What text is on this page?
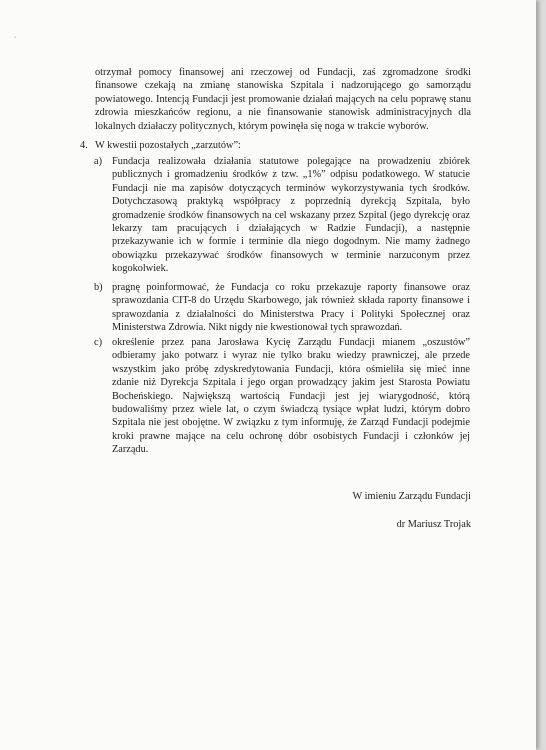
‘
otrzymał pomocy finansowej ani rzeczowej od Fundacji, zaś zgromadzone środki finansowe czekają na zmianę stanowiska Szpitala i nadzorującego go samorządu powiatowego. Intencją Fundacji jest promowanie działań mających na celu poprawę stanu zdrowia mieszkańców regionu, a nie finansowanie stanowisk administracyjnych dla lokalnych działaczy politycznych, którym powinęła się noga w trakcie wyborów.
4. W kwestii pozostałych „zarzutów”:
a) Fundacja realizowała działania statutowe polegające na prowadzeniu zbiórek publicznych i gromadzeniu środków z tzw. „1%” odpisu podatkowego. W statucie Fundacji nie ma zapisów dotyczących terminów wykorzystywania tych środków. Dotychczasową praktyką współpracy z poprzednią dyrekcją Szpitala, było gromadzenie środków finansowych na cel wskazany przez Szpital (jego dyrekcję oraz lekarzy tam pracujących i działających w Radzie Fundacji), a następnie przekazywanie ich w formie i terminie dla niego dogodnym. Nie mamy żadnego obowiązku przekazywać środków finansowych w terminie narzuconym przez kogokolwiek.
b) pragnę poinformować, że Fundacja co roku przekazuje raporty finansowe oraz sprawozdania CIT-8 do Urzędu Skarbowego, jak również składa raporty finansowe i sprawozdania z działalności do Ministerstwa Pracy i Polityki Społecznej oraz Ministerstwa Zdrowia. Nikt nigdy nie kwestionował tych sprawozdań.
c) określenie przez pana Jarosława Kycię Zarządu Fundacji mianem „oszustów” odbieramy jako potwarz i wyraz nie tylko braku wiedzy prawniczej, ale przede wszystkim jako próbę zdyskredytowania Fundacji, która ośmieliła się mieć inne zdanie niż Dyrekcja Szpitala i jego organ prowadzący jakim jest Starosta Powiatu Bocheńskiego. Największą wartością Fundacji jest jej wiarygodność, którą budowaliśmy przez wiele lat, o czym świadczą tysiące wpłat ludzi, którym dobro Szpitala nie jest obojętne. W związku z tym informuję, że Zarząd Fundacji podejmie kroki prawne mające na celu ochronę dóbr osobistych Fundacji i członków jej Zarządu.
W imieniu Zarządu Fundacji
dr Mariusz Trojak
